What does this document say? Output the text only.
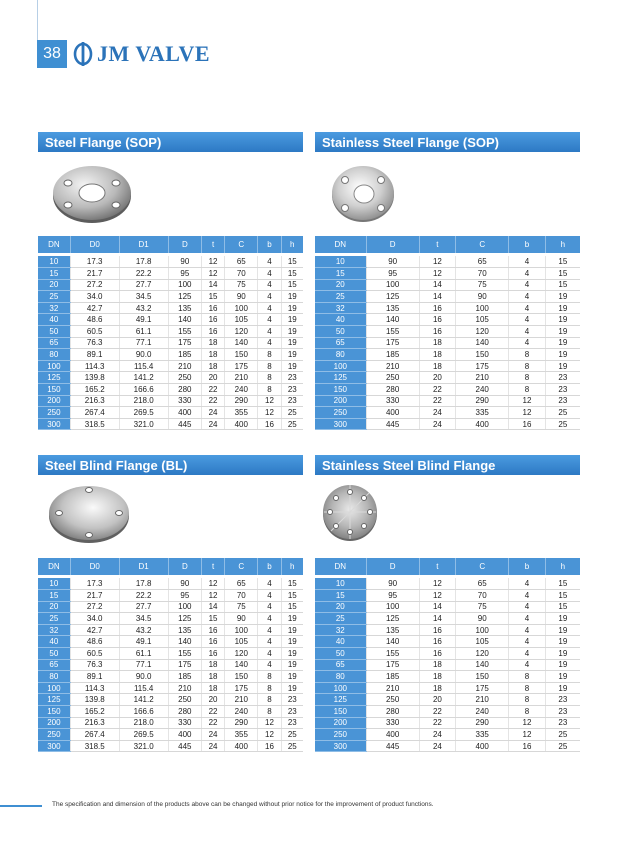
38 JM VALVE
Steel Flange (SOP)	Stainless Steel Flange (SOP)
DN	D0	D1	D	t	C	b	h

10	17.3	17.8	90	12	65	4	15
15	21.7	22.2	95	12	70	4	15
20	27.2	27.7	100	14	75	4	15
25	34.0	34.5	125	15	90	4	19
32	42.7	43.2	135	16	100	4	19
40	48.6	49.1	140	16	105	4	19
50	60.5	61.1	155	16	120	4	19
65	76.3	77.1	175	18	140	4	19
80	89.1	90.0	185	18	150	8	19
100	114.3	115.4	210	18	175	8	19
125	139.8	141.2	250	20	210	8	23
150	165.2	166.6	280	22	240	8	23
200	216.3	218.0	330	22	290	12	23
250	267.4	269.5	400	24	355	12	25
300	318.5	321.0	445	24	400	16	25
DN	D	t	C	b	h

10	90	12	65	4	15
15	95	12	70	4	15
20	100	14	75	4	15
25	125	14	90	4	19
32	135	16	100	4	19
40	140	16	105	4	19
50	155	16	120	4	19
65	175	18	140	4	19
80	185	18	150	8	19
100	210	18	175	8	19
125	250	20	210	8	23
150	280	22	240	8	23
200	330	22	290	12	23
250	400	24	335	12	25
300	445	24	400	16	25
Steel Blind Flange (BL)	Stainless Steel Blind Flange
DN	D0	D1	D	t	C	b	h

10	17.3	17.8	90	12	65	4	15
15	21.7	22.2	95	12	70	4	15
20	27.2	27.7	100	14	75	4	15
25	34.0	34.5	125	15	90	4	19
32	42.7	43.2	135	16	100	4	19
40	48.6	49.1	140	16	105	4	19
50	60.5	61.1	155	16	120	4	19
65	76.3	77.1	175	18	140	4	19
80	89.1	90.0	185	18	150	8	19
100	114.3	115.4	210	18	175	8	19
125	139.8	141.2	250	20	210	8	23
150	165.2	166.6	280	22	240	8	23
200	216.3	218.0	330	22	290	12	23
250	267.4	269.5	400	24	355	12	25
300	318.5	321.0	445	24	400	16	25
DN	D	t	C	b	h

10	90	12	65	4	15
15	95	12	70	4	15
20	100	14	75	4	15
25	125	14	90	4	19
32	135	16	100	4	19
40	140	16	105	4	19
50	155	16	120	4	19
65	175	18	140	4	19
80	185	18	150	8	19
100	210	18	175	8	19
125	250	20	210	8	23
150	280	22	240	8	23
200	330	22	290	12	23
250	400	24	335	12	25
300	445	24	400	16	25
The specification and dimension of the products above can be changed without prior notice for the improvement of product functions.
